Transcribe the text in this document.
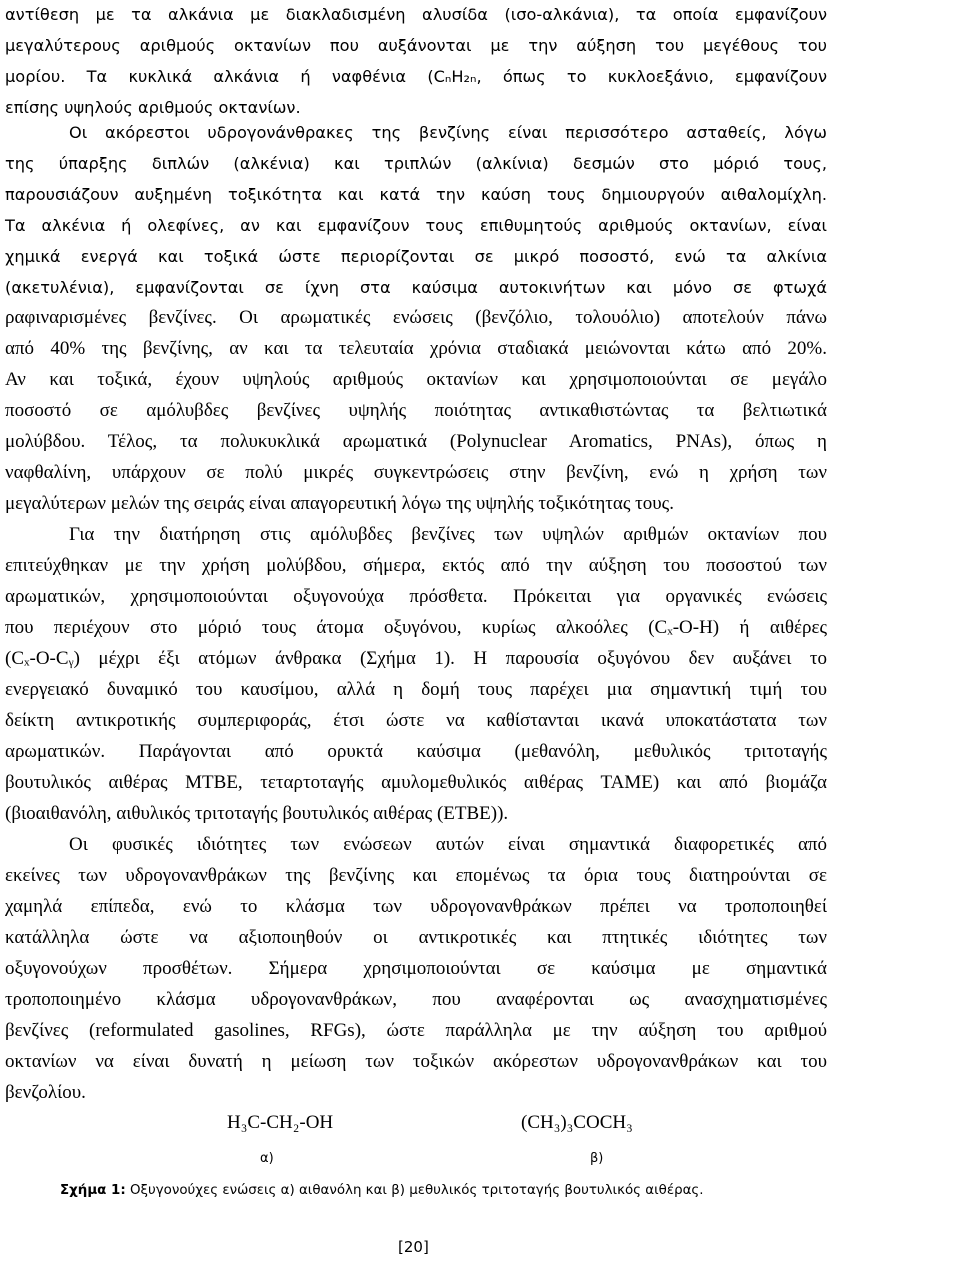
αντίθεση με τα αλκάνια με διακλαδισμένη αλυσίδα (ισο-αλκάνια), τα οποία εμφανίζουν
μεγαλύτερους αριθμούς οκτανίων που αυξάνονται με την αύξηση του μεγέθους του
μορίου. Τα κυκλικά αλκάνια ή ναφθένια (CₙH₂ₙ, όπως το κυκλοεξάνιο, εμφανίζουν
επίσης υψηλούς αριθμούς οκτανίων.
Οι ακόρεστοι υδρογονάνθρακες της βενζίνης είναι περισσότερο ασταθείς, λόγω
της ύπαρξης διπλών (αλκένια) και τριπλών (αλκίνια) δεσμών στο μόριό τους,
παρουσιάζουν αυξημένη τοξικότητα και κατά την καύση τους δημιουργούν αιθαλομίχλη.
Τα αλκένια ή ολεφίνες, αν και εμφανίζουν τους επιθυμητούς αριθμούς οκτανίων, είναι
χημικά ενεργά και τοξικά ώστε περιορίζονται σε μικρό ποσοστό, ενώ τα αλκίνια
(ακετυλένια), εμφανίζονται σε ίχνη στα καύσιμα αυτοκινήτων και μόνο σε φτωχά
ραφιναρισμένες βενζίνες. Οι αρωματικές ενώσεις (βενζόλιο, τολουόλιο) αποτελούν πάνω
από 40% της βενζίνης, αν και τα τελευταία χρόνια σταδιακά μειώνονται κάτω από 20%.
Αν και τοξικά, έχουν υψηλούς αριθμούς οκτανίων και χρησιμοποιούνται σε μεγάλο
ποσοστό σε αμόλυβδες βενζίνες υψηλής ποιότητας αντικαθιστώντας τα βελτιωτικά
μολύβδου. Τέλος, τα πολυκυκλικά αρωματικά (Polynuclear Aromatics, PNAs), όπως η
ναφθαλίνη, υπάρχουν σε πολύ μικρές συγκεντρώσεις στην βενζίνη, ενώ η χρήση των
μεγαλύτερων μελών της σειράς είναι απαγορευτική λόγω της υψηλής τοξικότητας τους.
Για την διατήρηση στις αμόλυβδες βενζίνες των υψηλών αριθμών οκτανίων που
επιτεύχθηκαν με την χρήση μολύβδου, σήμερα, εκτός από την αύξηση του ποσοστού των
αρωματικών, χρησιμοποιούνται οξυγονούχα πρόσθετα. Πρόκειται για οργανικές ενώσεις
που περιέχουν στο μόριό τους άτομα οξυγόνου, κυρίως αλκοόλες (Cₓ-O-H) ή αιθέρες
(Cₓ-O-Cᵧ) μέχρι έξι ατόμων άνθρακα (Σχήμα 1). Η παρουσία οξυγόνου δεν αυξάνει το
ενεργειακό δυναμικό του καυσίμου, αλλά η δομή τους παρέχει μια σημαντική τιμή του
δείκτη αντικροτικής συμπεριφοράς, έτσι ώστε να καθίστανται ικανά υποκατάστατα των
αρωματικών. Παράγονται από ορυκτά καύσιμα (μεθανόλη, μεθυλικός τριτοταγής
βουτυλικός αιθέρας MTBE, τεταρτοταγής αμυλομεθυλικός αιθέρας TAME) και από βιομάζα
(βιοαιθανόλη, αιθυλικός τριτοταγής βουτυλικός αιθέρας (ETBE)).
Οι φυσικές ιδιότητες των ενώσεων αυτών είναι σημαντικά διαφορετικές από
εκείνες των υδρογονανθράκων της βενζίνης και επομένως τα όρια τους διατηρούνται σε
χαμηλά επίπεδα, ενώ το κλάσμα των υδρογονανθράκων πρέπει να τροποποιηθεί
κατάλληλα ώστε να αξιοποιηθούν οι αντικροτικές και πτητικές ιδιότητες των
οξυγονούχων προσθέτων. Σήμερα χρησιμοποιούνται σε καύσιμα με σημαντικά
τροποποιημένο κλάσμα υδρογονανθράκων, που αναφέρονται ως ανασχηματισμένες
βενζίνες (reformulated gasolines, RFGs), ώστε παράλληλα με την αύξηση του αριθμού
οκτανίων να είναι δυνατή η μείωση των τοξικών ακόρεστων υδρογονανθράκων και του
βενζολίου.
H₃C-CH₂-OH	(CH₃)₃COCH₃
α)	β)
Σχήμα 1: Οξυγονούχες ενώσεις α) αιθανόλη και β) μεθυλικός τριτοταγής βουτυλικός αιθέρας.
[20]
